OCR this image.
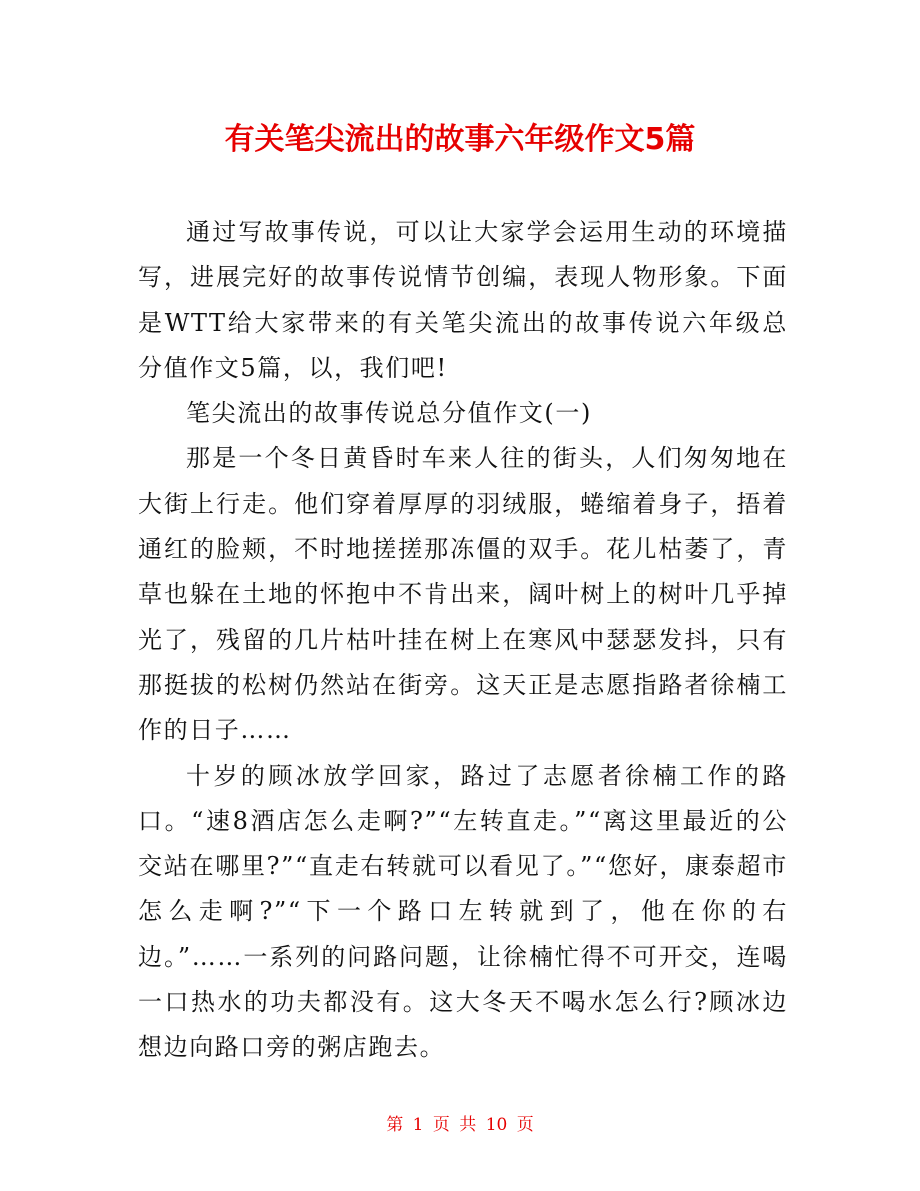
有关笔尖流出的故事六年级作文5篇

通过写故事传说，可以让大家学会运用生动的环境描写，进展完好的故事传说情节创编，表现人物形象。下面是WTT给大家带来的有关笔尖流出的故事传说六年级总分值作文5篇，以，我们吧!

笔尖流出的故事传说总分值作文(一)

那是一个冬日黄昏时车来人往的街头，人们匆匆地在大街上行走。他们穿着厚厚的羽绒服，蜷缩着身子，捂着通红的脸颊，不时地搓搓那冻僵的双手。花儿枯萎了，青草也躲在土地的怀抱中不肯出来，阔叶树上的树叶几乎掉光了，残留的几片枯叶挂在树上在寒风中瑟瑟发抖，只有那挺拔的松树仍然站在街旁。这天正是志愿指路者徐楠工作的日子……

十岁的顾冰放学回家，路过了志愿者徐楠工作的路口。“速8酒店怎么走啊?”“左转直走。”“离这里最近的公交站在哪里?”“直走右转就可以看见了。”“您好，康泰超市怎么走啊?”“下一个路口左转就到了，他在你的右边。”……一系列的问路问题，让徐楠忙得不可开交，连喝一口热水的功夫都没有。这大冬天不喝水怎么行?顾冰边想边向路口旁的粥店跑去。

第 1 页 共 10 页
